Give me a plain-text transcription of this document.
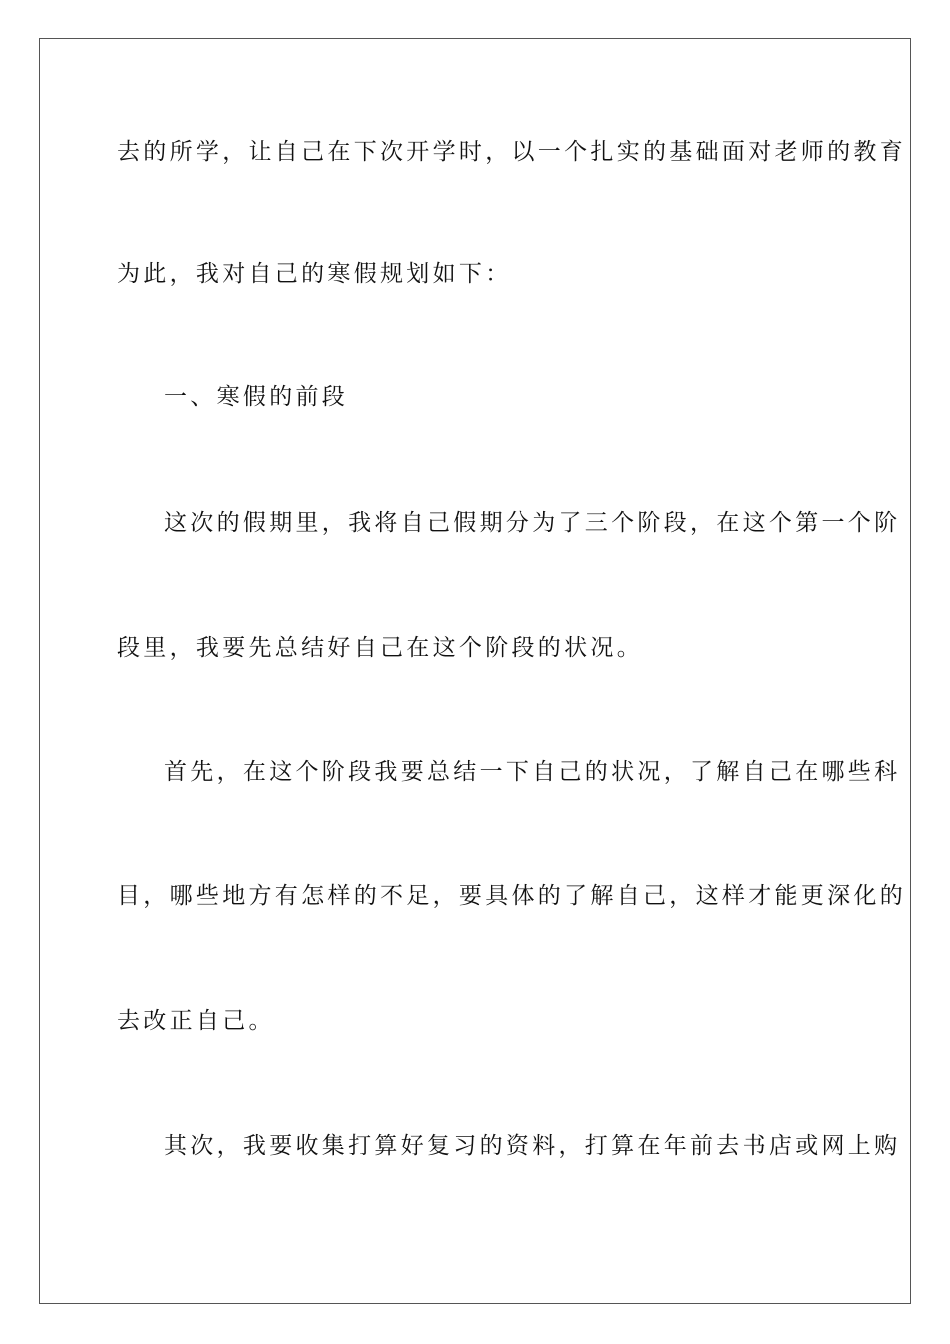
去的所学，让自己在下次开学时，以一个扎实的基础面对老师的教育
为此，我对自己的寒假规划如下：
一、寒假的前段
这次的假期里，我将自己假期分为了三个阶段，在这个第一个阶
段里，我要先总结好自己在这个阶段的状况。
首先，在这个阶段我要总结一下自己的状况，了解自己在哪些科
目，哪些地方有怎样的不足，要具体的了解自己，这样才能更深化的
去改正自己。
其次，我要收集打算好复习的资料，打算在年前去书店或网上购
